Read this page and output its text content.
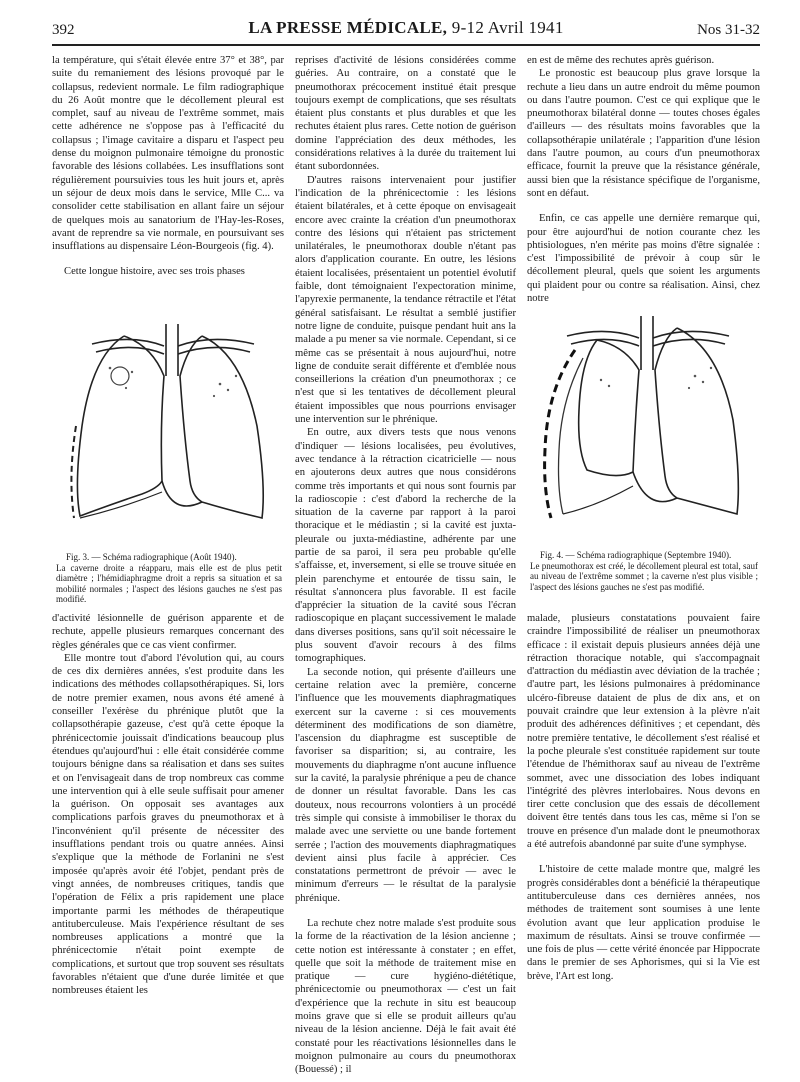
392	LA PRESSE MÉDICALE, 9-12 Avril 1941	Nos 31-32

la température, qui s'était élevée entre 37° et 38°, par suite du remaniement des lésions provoqué par le collapsus, redevient normale. Le film radiographique du 26 Août montre que le décollement pleural est complet, sauf au niveau de l'extrême sommet, mais cette adhérence ne s'oppose pas à l'efficacité du collapsus ; l'image cavitaire a disparu et l'aspect peu dense du moignon pulmonaire témoigne du pronostic favorable des lésions collabées. Les insufflations sont régulièrement poursuivies tous les huit jours et, après un séjour de deux mois dans le service, Mlle C... va consolider cette stabilisation en allant faire un séjour de quelques mois au sanatorium de l'Hay-les-Roses, avant de reprendre sa vie normale, en poursuivant ses insufflations au dispensaire Léon-Bourgeois (fig. 4).

Cette longue histoire, avec ses trois phases

Fig. 3. — Schéma radiographique (Août 1940).
La caverne droite a réapparu, mais elle est de plus petit diamètre ; l'hémidiaphragme droit a repris sa situation et sa mobilité normales ; l'aspect des lésions gauches ne s'est pas modifié.

d'activité lésionnelle de guérison apparente et de rechute, appelle plusieurs remarques concernant des règles générales que ce cas vient confirmer.

Elle montre tout d'abord l'évolution qui, au cours de ces dix dernières années, s'est produite dans les indications des méthodes collapsothérapiques. Si, lors de notre premier examen, nous avons été amené à conseiller l'exérèse du phrénique plutôt que la collapsothérapie gazeuse, c'est qu'à cette époque la phrénicectomie jouissait d'indications beaucoup plus étendues qu'aujourd'hui : elle était considérée comme toujours bénigne dans sa réalisation et dans ses suites et on l'envisageait dans de trop nombreux cas comme une intervention qui à elle seule suffisait pour amener la guérison. On opposait ses avantages aux complications parfois graves du pneumothorax et à l'inconvénient qu'il présente de nécessiter des insufflations pendant trois ou quatre années. Ainsi s'explique que la méthode de Forlanini ne s'est imposée qu'après avoir été l'objet, pendant près de vingt années, de nombreuses critiques, tandis que l'opération de Félix a pris rapidement une place importante parmi les méthodes de thérapeutique antituberculeuse. Mais l'expérience résultant de ses nombreuses applications a montré que la phrénicectomie n'était point exempte de complications, et surtout que trop souvent ses résultats favorables n'étaient que d'une durée limitée et que nombreuses étaient les

reprises d'activité de lésions considérées comme guéries. Au contraire, on a constaté que le pneumothorax précocement institué était presque toujours exempt de complications, que ses résultats étaient plus constants et plus durables et que les rechutes étaient plus rares. Cette notion de guérison domine l'appréciation des deux méthodes, les considérations relatives à la durée du traitement lui étant subordonnées.

D'autres raisons intervenaient pour justifier l'indication de la phrénicectomie : les lésions étaient bilatérales, et à cette époque on envisageait encore avec crainte la création d'un pneumothorax contre des lésions qui n'étaient pas strictement unilatérales, le pneumothorax double n'étant pas alors d'application courante. En outre, les lésions étaient localisées, présentaient un potentiel évolutif faible, dont témoignaient l'expectoration minime, l'apyrexie permanente, la tendance rétractile et l'état général satisfaisant. Le résultat a semblé justifier notre ligne de conduite, puisque pendant huit ans la malade a pu mener sa vie normale. Cependant, si ce même cas se présentait à nous aujourd'hui, notre ligne de conduite serait différente et d'emblée nous conseillerions la création d'un pneumothorax ; ce n'est que si les tentatives de décollement pleural étaient impossibles que nous pourrions envisager une intervention sur le phrénique.

En outre, aux divers tests que nous venons d'indiquer — lésions localisées, peu évolutives, avec tendance à la rétraction cicatricielle — nous en ajouterons deux autres que nous considérons comme très importants et qui nous sont fournis par la radioscopie : c'est d'abord la recherche de la situation de la caverne par rapport à la paroi thoracique et le médiastin ; si la cavité est juxta-pleurale ou juxta-médiastine, adhérente par une partie de sa paroi, il sera peu probable qu'elle s'affaisse, et, inversement, si elle se trouve située en plein parenchyme et entourée de tissu sain, le résultat s'annoncera plus favorable. Il est facile d'apprécier la situation de la cavité sous l'écran radioscopique en plaçant successivement le malade dans diverses positions, sans qu'il soit nécessaire le plus souvent d'avoir recours à des films tomographiques.

La seconde notion, qui présente d'ailleurs une certaine relation avec la première, concerne l'influence que les mouvements diaphragmatiques exercent sur la caverne : si ces mouvements déterminent des modifications de son diamètre, l'ascension du diaphragme est susceptible de favoriser sa disparition; si, au contraire, les mouvements du diaphragme n'ont aucune influence sur la cavité, la paralysie phrénique a peu de chance de donner un résultat favorable. Dans les cas douteux, nous recourrons volontiers à un procédé très simple qui consiste à immobiliser le thorax du malade avec une serviette ou une bande fortement serrée ; l'action des mouvements diaphragmatiques devient ainsi plus facile à apprécier. Ces constatations permettront de prévoir — avec le minimum d'erreurs — le résultat de la paralysie phrénique.

La rechute chez notre malade s'est produite sous la forme de la réactivation de la lésion ancienne ; cette notion est intéressante à constater ; en effet, quelle que soit la méthode de traitement mise en pratique — cure hygiéno-diététique, phrénicectomie ou pneumothorax — c'est un fait d'expérience que la rechute in situ est beaucoup moins grave que si elle se produit ailleurs qu'au niveau de la lésion ancienne. Déjà le fait avait été constaté pour les réactivations lésionnelles dans le moignon pulmonaire au cours du pneumothorax (Bouessé) ; il

en est de même des rechutes après guérison.

Le pronostic est beaucoup plus grave lorsque la rechute a lieu dans un autre endroit du même poumon ou dans l'autre poumon. C'est ce qui explique que le pneumothorax bilatéral donne — toutes choses égales d'ailleurs — des résultats moins favorables que la collapsothérapie unilatérale ; l'apparition d'une lésion dans l'autre poumon, au cours d'un pneumothorax efficace, fournit la preuve que la résistance générale, aussi bien que la résistance spécifique de l'organisme, sont en défaut.

Enfin, ce cas appelle une dernière remarque qui, pour être aujourd'hui de notion courante chez les phtisiologues, n'en mérite pas moins d'être signalée : c'est l'impossibilité de prévoir à coup sûr le décollement pleural, quels que soient les arguments qui plaident pour ou contre sa réalisation. Ainsi, chez notre

Fig. 4. — Schéma radiographique (Septembre 1940).
Le pneumothorax est créé, le décollement pleural est total, sauf au niveau de l'extrême sommet ; la caverne n'est plus visible ; l'aspect des lésions gauches ne s'est pas modifié.

malade, plusieurs constatations pouvaient faire craindre l'impossibilité de réaliser un pneumothorax efficace : il existait depuis plusieurs années déjà une rétraction thoracique notable, qui s'accompagnait d'attraction du médiastin avec déviation de la trachée ; d'autre part, les lésions pulmonaires à prédominance ulcéro-fibreuse dataient de plus de dix ans, et on pouvait craindre que leur extension à la plèvre n'ait produit des adhérences définitives ; et cependant, dès notre première tentative, le décollement s'est réalisé et la poche pleurale s'est constituée rapidement sur toute l'étendue de l'hémithorax sauf au niveau de l'extrême sommet, avec une dissociation des lobes indiquant l'intégrité des plèvres interlobaires. Nous devons en tirer cette conclusion que des essais de décollement doivent être tentés dans tous les cas, même si l'on se trouve en présence d'un malade dont le pneumothorax a été autrefois abandonné par suite d'une symphyse.

L'histoire de cette malade montre que, malgré les progrès considérables dont a bénéficié la thérapeutique antituberculeuse dans ces dernières années, nos méthodes de traitement sont soumises à une lente évolution avant que leur application produise le maximum de résultats. Ainsi se trouve confirmée — une fois de plus — cette vérité énoncée par Hippocrate dans le premier de ses Aphorismes, qui si la Vie est brève, l'Art est long.
